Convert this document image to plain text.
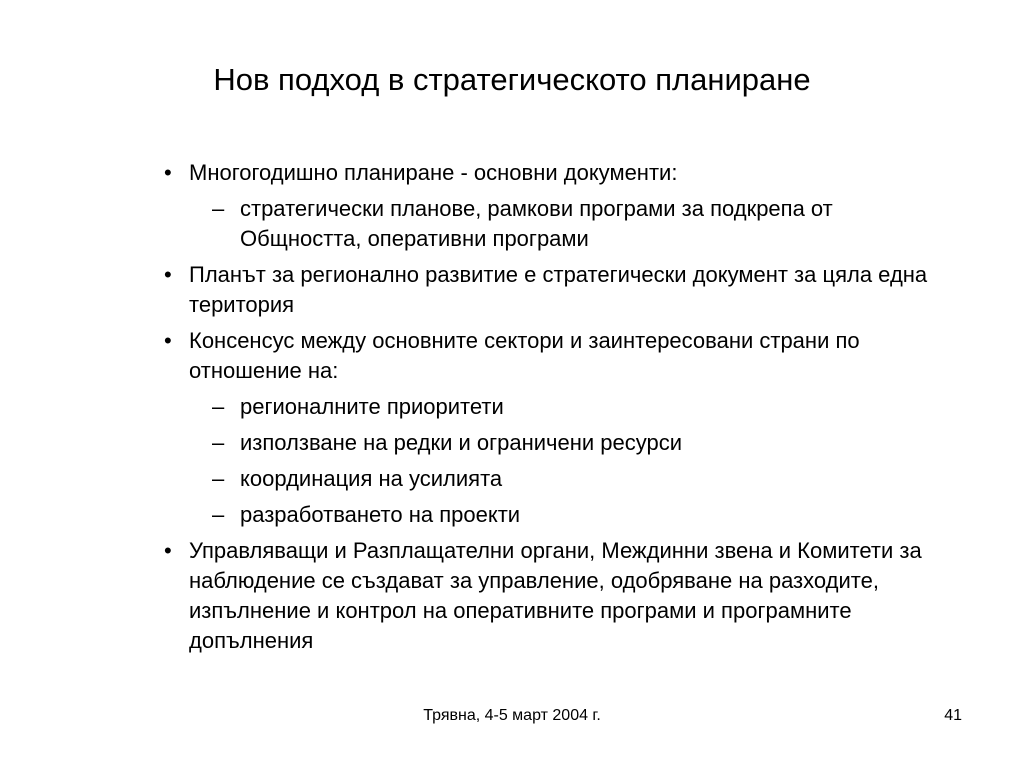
Нов подход в стратегическото планиране
• Многогодишно планиране - основни документи:
– стратегически планове, рамкови програми за подкрепа от Общността, оперативни програми
• Планът за регионално развитие е стратегически документ за цяла една територия
• Консенсус между основните сектори и заинтересовани страни по отношение на:
– регионалните приоритети
– използване на редки и ограничени ресурси
– координация на усилията
– разработването на проекти
• Управляващи и Разплащателни органи, Междинни звена и Комитети за наблюдение се създават за управление, одобряване на разходите, изпълнение и контрол на оперативните програми и програмните допълнения
Трявна, 4-5 март 2004 г.	41
